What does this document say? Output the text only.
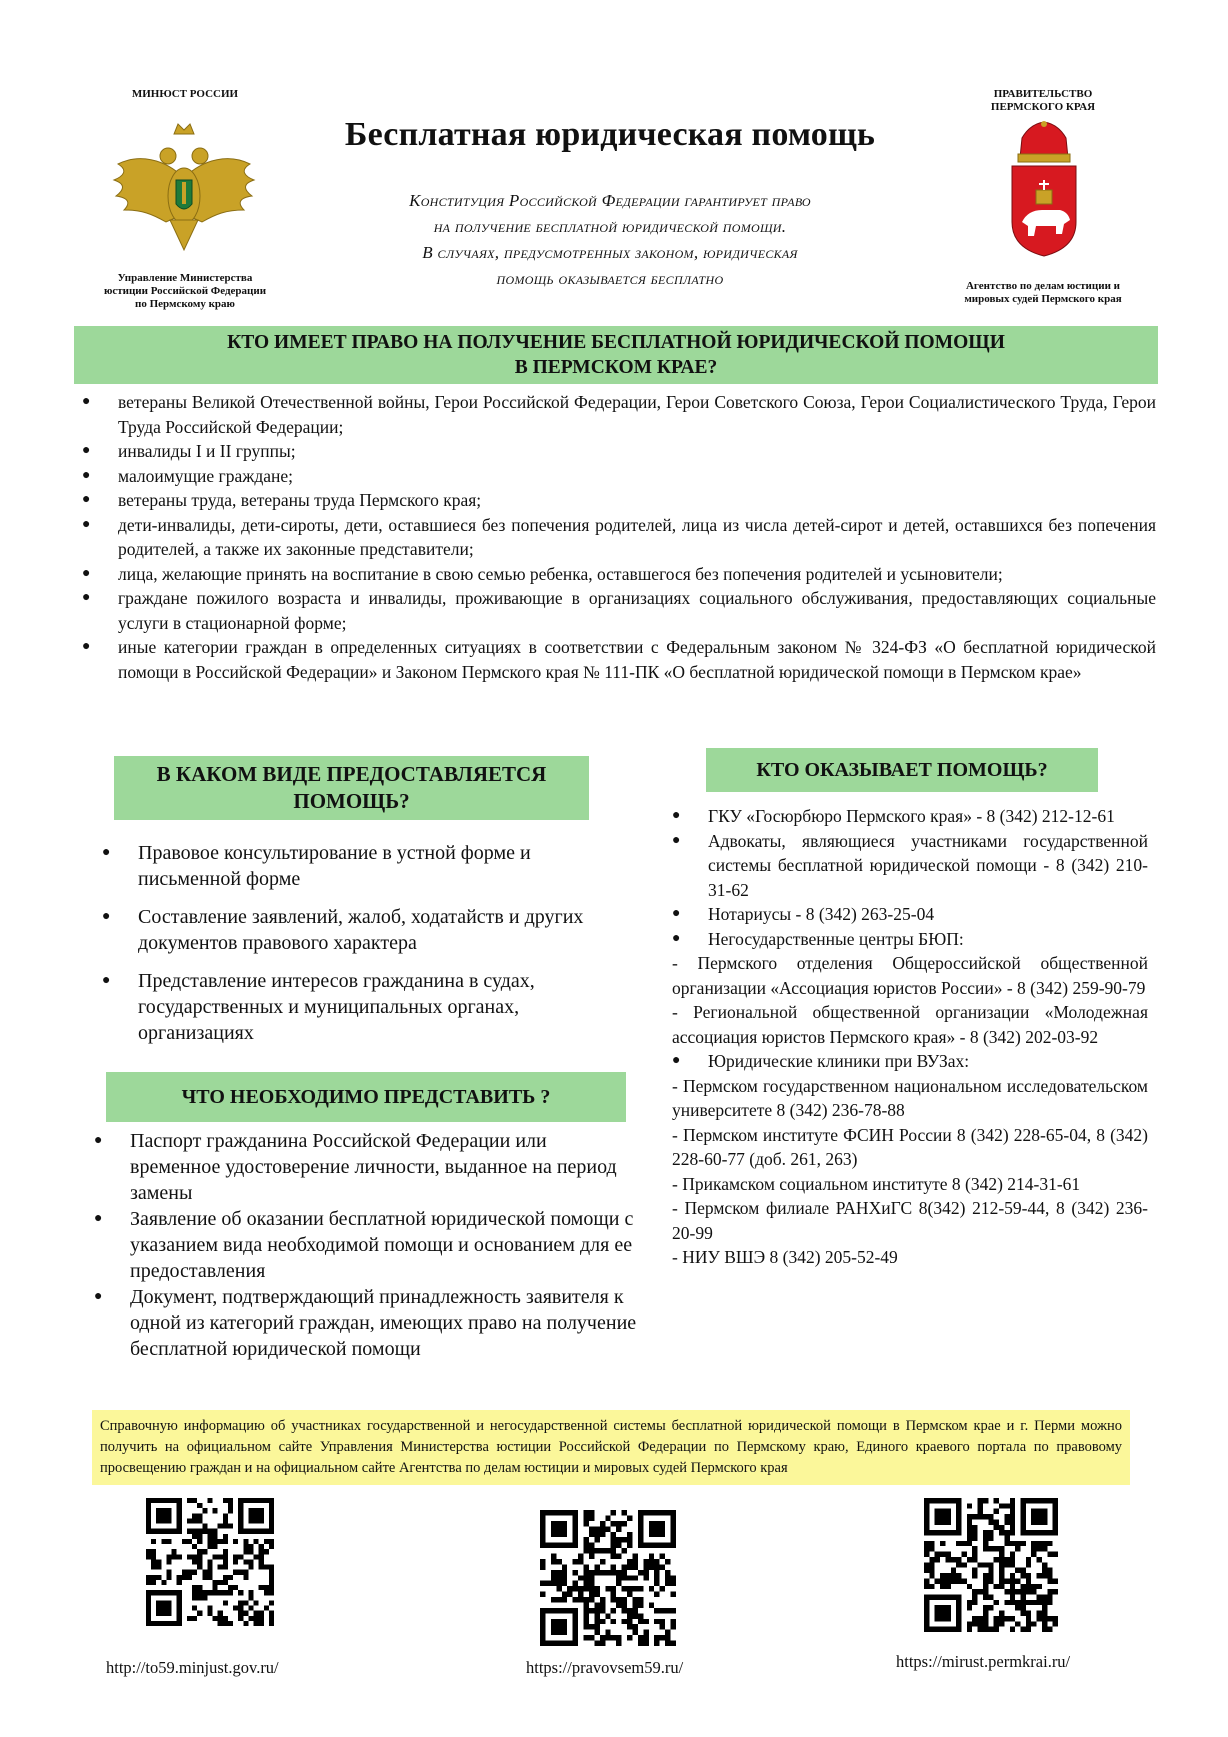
МИНЮСТ РОССИИ
Управление Министерства
юстиции Российской Федерации
по Пермскому краю
Бесплатная юридическая помощь
Конституция Российской Федерации гарантирует право
на получение бесплатной юридической помощи.
В случаях, предусмотренных законом, юридическая
помощь оказывается бесплатно
ПРАВИТЕЛЬСТВО
ПЕРМСКОГО КРАЯ
Агентство по делам юстиции и
мировых судей Пермского края
КТО ИМЕЕТ ПРАВО НА ПОЛУЧЕНИЕ БЕСПЛАТНОЙ ЮРИДИЧЕСКОЙ ПОМОЩИ
В ПЕРМСКОМ КРАЕ?
● ветераны Великой Отечественной войны, Герои Российской Федерации, Герои Советского Союза, Герои Социалистического Труда, Герои Труда Российской Федерации;
● инвалиды I и II группы;
● малоимущие граждане;
● ветераны труда, ветераны труда Пермского края;
● дети-инвалиды, дети-сироты, дети, оставшиеся без попечения родителей, лица из числа детей-сирот и детей, оставшихся без попечения родителей, а также их законные представители;
● лица, желающие принять на воспитание в свою семью ребенка, оставшегося без попечения родителей и усыновители;
● граждане пожилого возраста и инвалиды, проживающие в организациях социального обслуживания, предоставляющих социальные услуги в стационарной форме;
● иные категории граждан в определенных ситуациях в соответствии с Федеральным законом № 324-ФЗ «О бесплатной юридической помощи в Российской Федерации» и Законом Пермского края № 111-ПК «О бесплатной юридической помощи в Пермском крае»
В КАКОМ ВИДЕ ПРЕДОСТАВЛЯЕТСЯ
ПОМОЩЬ?
● Правовое консультирование в устной форме и письменной форме
● Составление заявлений, жалоб, ходатайств и других документов правового характера
● Представление интересов гражданина в судах, государственных и муниципальных органах, организациях
ЧТО НЕОБХОДИМО ПРЕДСТАВИТЬ ?
● Паспорт гражданина Российской Федерации или временное удостоверение личности, выданное на период замены
● Заявление об оказании бесплатной юридической помощи с указанием вида необходимой помощи и основанием для ее предоставления
● Документ, подтверждающий принадлежность заявителя к одной из категорий граждан, имеющих право на получение бесплатной юридической помощи
КТО ОКАЗЫВАЕТ ПОМОЩЬ?
● ГКУ «Госюрбюро Пермского края» - 8 (342) 212-12-61
● Адвокаты, являющиеся участниками государственной системы бесплатной юридической помощи - 8 (342) 210-31-62
● Нотариусы - 8 (342) 263-25-04
● Негосударственные центры БЮП:
- Пермского отделения Общероссийской общественной организации «Ассоциация юристов России» - 8 (342) 259-90-79
- Региональной общественной организации «Молодежная ассоциация юристов Пермского края» - 8 (342) 202-03-92
● Юридические клиники при ВУЗах:
- Пермском государственном национальном исследовательском университете 8 (342) 236-78-88
- Пермском институте ФСИН России 8 (342) 228-65-04, 8 (342) 228-60-77 (доб. 261, 263)
- Прикамском социальном институте 8 (342) 214-31-61
- Пермском филиале РАНХиГС 8(342) 212-59-44, 8 (342) 236-20-99
- НИУ ВШЭ 8 (342) 205-52-49
Справочную информацию об участниках государственной и негосударственной системы бесплатной юридической помощи в Пермском крае и г. Перми можно получить на официальном сайте Управления Министерства юстиции Российской Федерации по Пермскому краю, Единого краевого портала по правовому просвещению граждан и на официальном сайте Агентства по делам юстиции и мировых судей Пермского края
http://to59.minjust.gov.ru/	https://pravovsem59.ru/	https://mirust.permkrai.ru/
